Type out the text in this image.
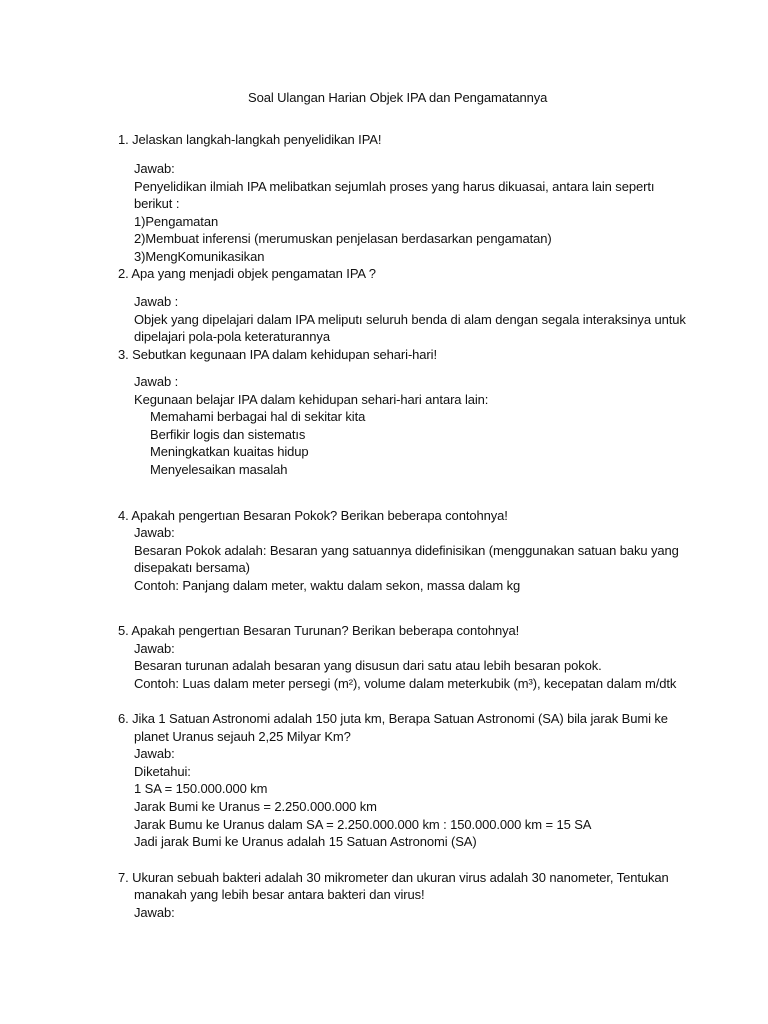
Soal Ulangan Harian Objek IPA dan Pengamatannya
1. Jelaskan langkah-langkah penyelidikan IPA!
Jawab:
Penyelidikan ilmiah IPA melibatkan sejumlah proses yang harus dikuasai, antara lain sepertı
berikut :
1)Pengamatan
2)Membuat inferensi (merumuskan penjelasan berdasarkan pengamatan)
3)MengKomunikasikan
2. Apa yang menjadi objek pengamatan IPA ?
Jawab :
Objek yang dipelajari dalam IPA meliputı seluruh benda di alam dengan segala interaksinya untuk
dipelajari pola-pola keteraturannya
3. Sebutkan kegunaan IPA dalam kehidupan sehari-hari!
Jawab :
Kegunaan belajar IPA dalam kehidupan sehari-hari antara lain:
Memahami berbagai hal di sekitar kita
Berfikir logis dan sistematıs
Meningkatkan kuaitas hidup
Menyelesaikan masalah
4. Apakah pengertıan Besaran Pokok? Berikan beberapa contohnya!
Jawab:
Besaran Pokok adalah: Besaran yang satuannya didefinisikan (menggunakan satuan baku yang
disepakatı bersama)
Contoh: Panjang dalam meter, waktu dalam sekon, massa dalam kg
5. Apakah pengertıan Besaran Turunan? Berikan beberapa contohnya!
Jawab:
Besaran turunan adalah besaran yang disusun dari satu atau lebih besaran pokok.
Contoh: Luas dalam meter persegi (m²), volume dalam meterkubik (m³), kecepatan dalam m/dtk
6. Jika 1 Satuan Astronomi adalah 150 juta km, Berapa Satuan Astronomi (SA) bila jarak Bumi ke
planet Uranus sejauh 2,25 Milyar Km?
Jawab:
Diketahui:
1 SA = 150.000.000 km
Jarak Bumi ke Uranus = 2.250.000.000 km
Jarak Bumu ke Uranus dalam SA = 2.250.000.000 km : 150.000.000 km = 15 SA
Jadi jarak Bumi ke Uranus adalah 15 Satuan Astronomi (SA)
7. Ukuran sebuah bakteri adalah 30 mikrometer dan ukuran virus adalah 30 nanometer, Tentukan
manakah yang lebih besar antara bakteri dan virus!
Jawab:
